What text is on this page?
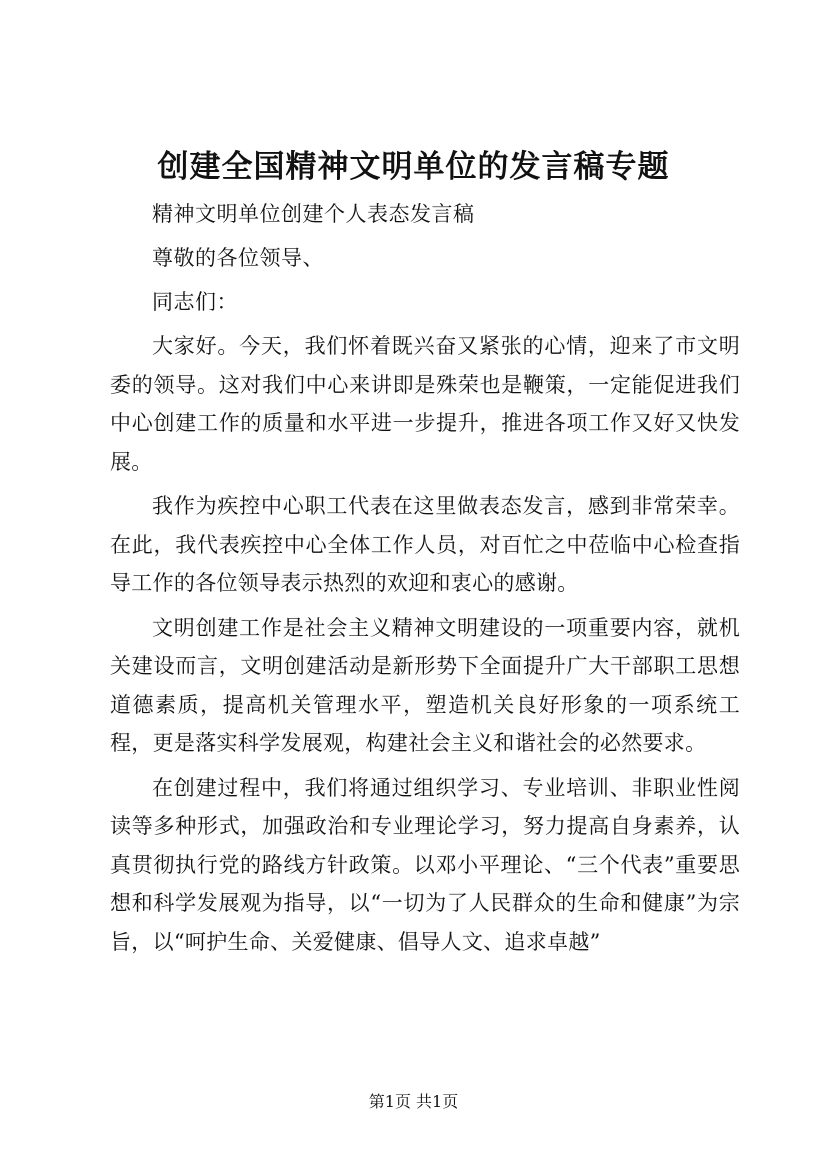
创建全国精神文明单位的发言稿专题

精神文明单位创建个人表态发言稿

尊敬的各位领导、

同志们：

大家好。今天，我们怀着既兴奋又紧张的心情，迎来了市文明委的领导。这对我们中心来讲即是殊荣也是鞭策，一定能促进我们中心创建工作的质量和水平进一步提升，推进各项工作又好又快发展。

我作为疾控中心职工代表在这里做表态发言，感到非常荣幸。在此，我代表疾控中心全体工作人员，对百忙之中莅临中心检查指导工作的各位领导表示热烈的欢迎和衷心的感谢。

文明创建工作是社会主义精神文明建设的一项重要内容，就机关建设而言，文明创建活动是新形势下全面提升广大干部职工思想道德素质，提高机关管理水平，塑造机关良好形象的一项系统工程，更是落实科学发展观，构建社会主义和谐社会的必然要求。

在创建过程中，我们将通过组织学习、专业培训、非职业性阅读等多种形式，加强政治和专业理论学习，努力提高自身素养，认真贯彻执行党的路线方针政策。以邓小平理论、“三个代表”重要思想和科学发展观为指导，以“一切为了人民群众的生命和健康”为宗旨，以“呵护生命、关爱健康、倡导人文、追求卓越”

第1页 共1页
